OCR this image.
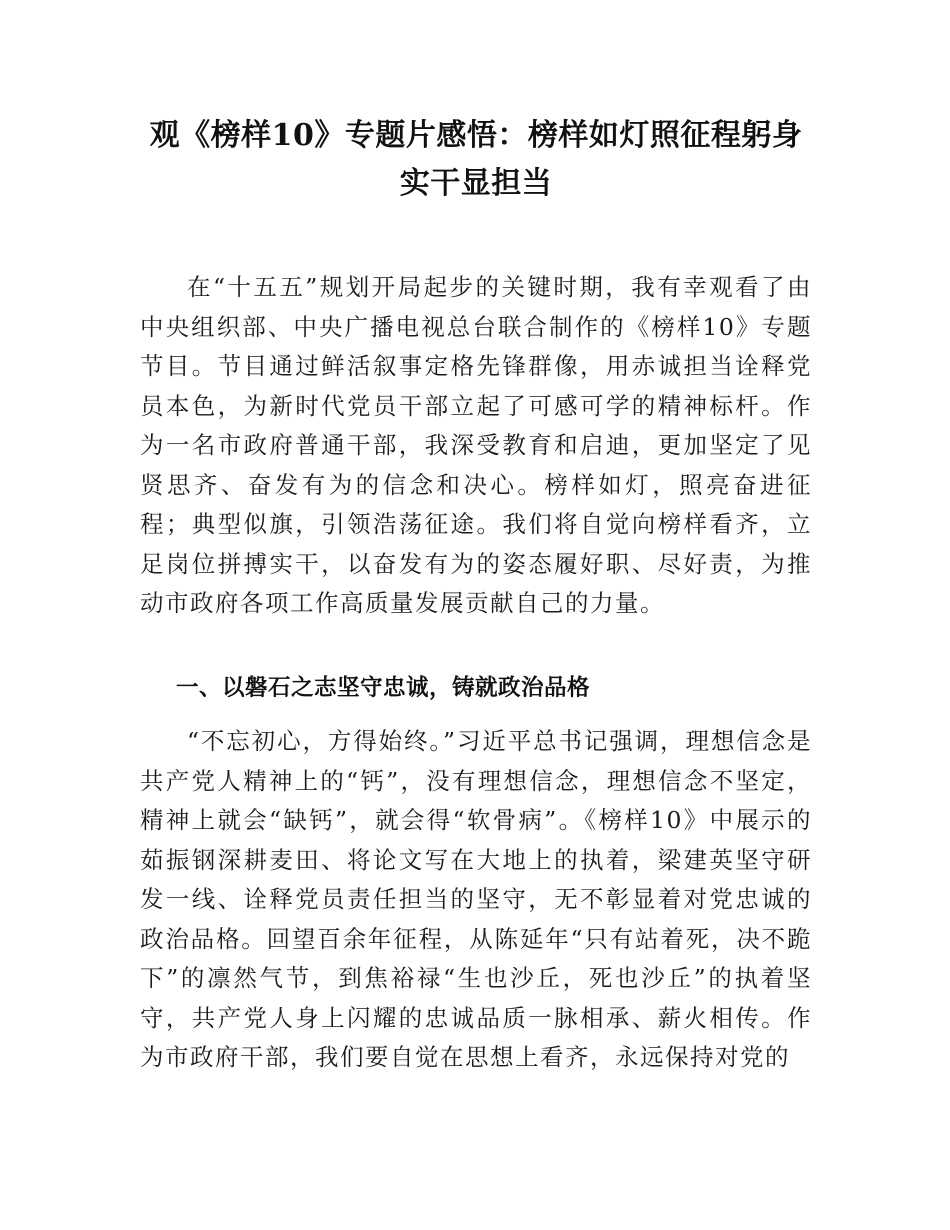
观《榜样10》专题片感悟：榜样如灯照征程躬身实干显担当

在“十五五”规划开局起步的关键时期，我有幸观看了由中央组织部、中央广播电视总台联合制作的《榜样10》专题节目。节目通过鲜活叙事定格先锋群像，用赤诚担当诠释党员本色，为新时代党员干部立起了可感可学的精神标杆。作为一名市政府普通干部，我深受教育和启迪，更加坚定了见贤思齐、奋发有为的信念和决心。榜样如灯，照亮奋进征程；典型似旗，引领浩荡征途。我们将自觉向榜样看齐，立足岗位拼搏实干，以奋发有为的姿态履好职、尽好责，为推动市政府各项工作高质量发展贡献自己的力量。

一、以磐石之志坚守忠诚，铸就政治品格

“不忘初心，方得始终。”习近平总书记强调，理想信念是共产党人精神上的“钙”，没有理想信念，理想信念不坚定，精神上就会“缺钙”，就会得“软骨病”。《榜样10》中展示的茹振钢深耕麦田、将论文写在大地上的执着，梁建英坚守研发一线、诠释党员责任担当的坚守，无不彰显着对党忠诚的政治品格。回望百余年征程，从陈延年“只有站着死，决不跪下”的凛然气节，到焦裕禄“生也沙丘，死也沙丘”的执着坚守，共产党人身上闪耀的忠诚品质一脉相承、薪火相传。作为市政府干部，我们要自觉在思想上看齐，永远保持对党的
